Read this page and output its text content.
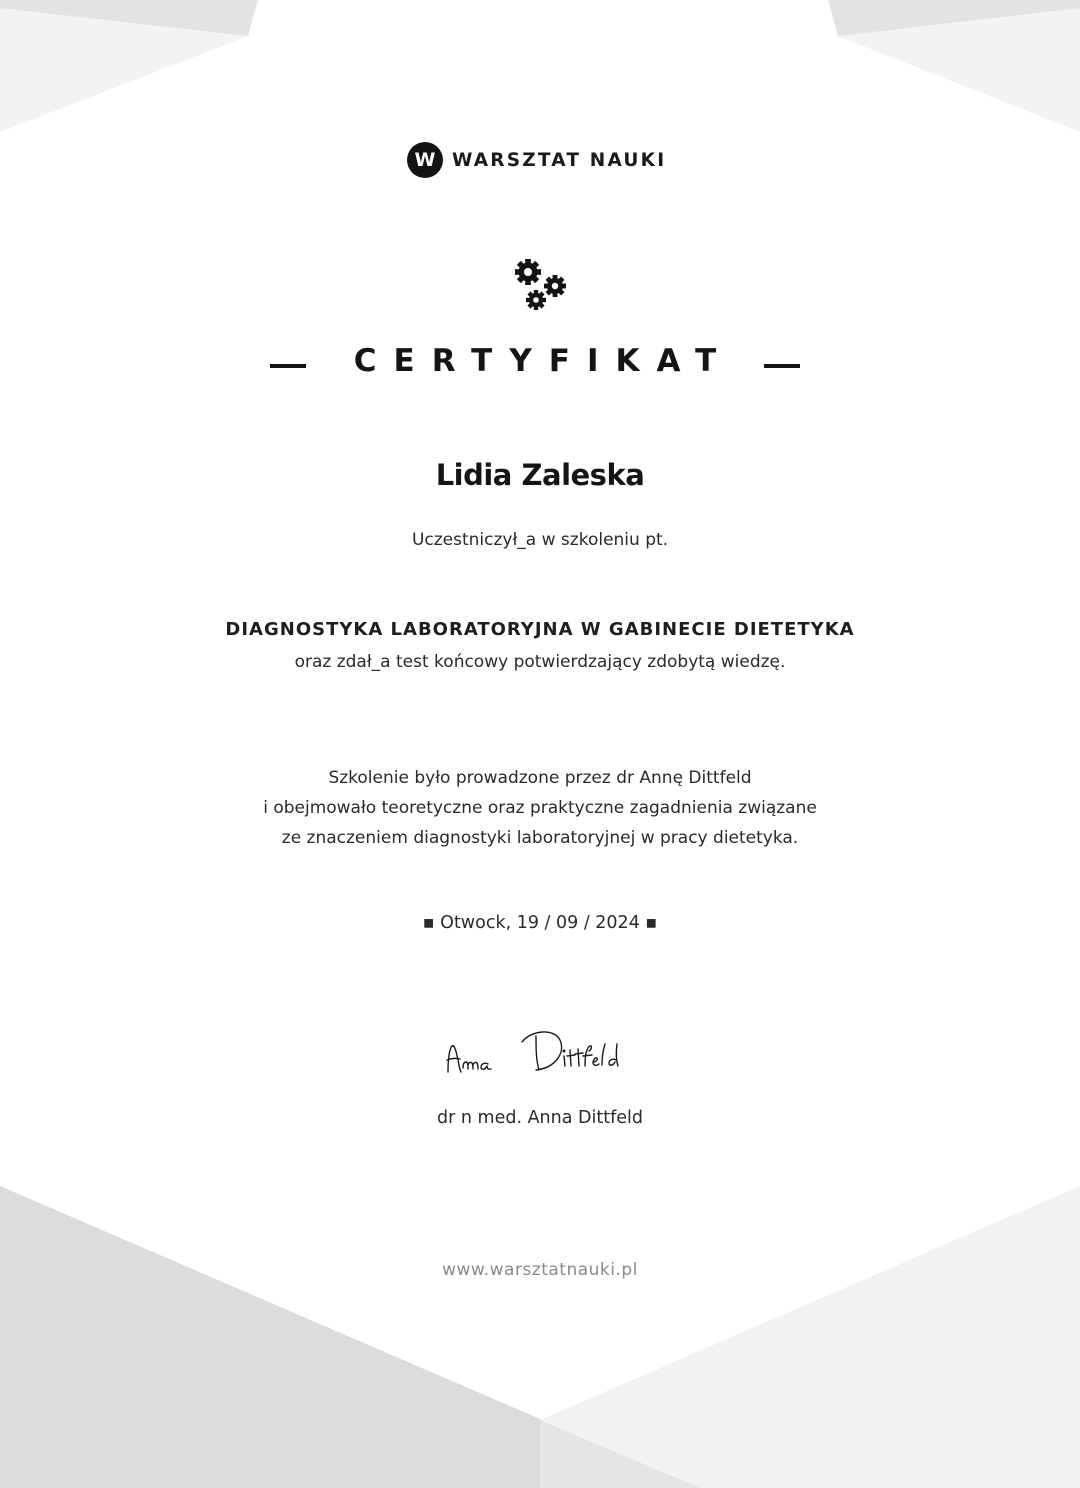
W WARSZTAT NAUKI
CERTYFIKAT
Lidia Zaleska
Uczestniczył_a w szkoleniu pt.
DIAGNOSTYKA LABORATORYJNA W GABINECIE DIETETYKA
oraz zdał_a test końcowy potwierdzający zdobytą wiedzę.
Szkolenie było prowadzone przez dr Annę Dittfeld
i obejmowało teoretyczne oraz praktyczne zagadnienia związane
ze znaczeniem diagnostyki laboratoryjnej w pracy dietetyka.
▪ Otwock, 19 / 09 / 2024 ▪
dr n med. Anna Dittfeld
www.warsztatnauki.pl
